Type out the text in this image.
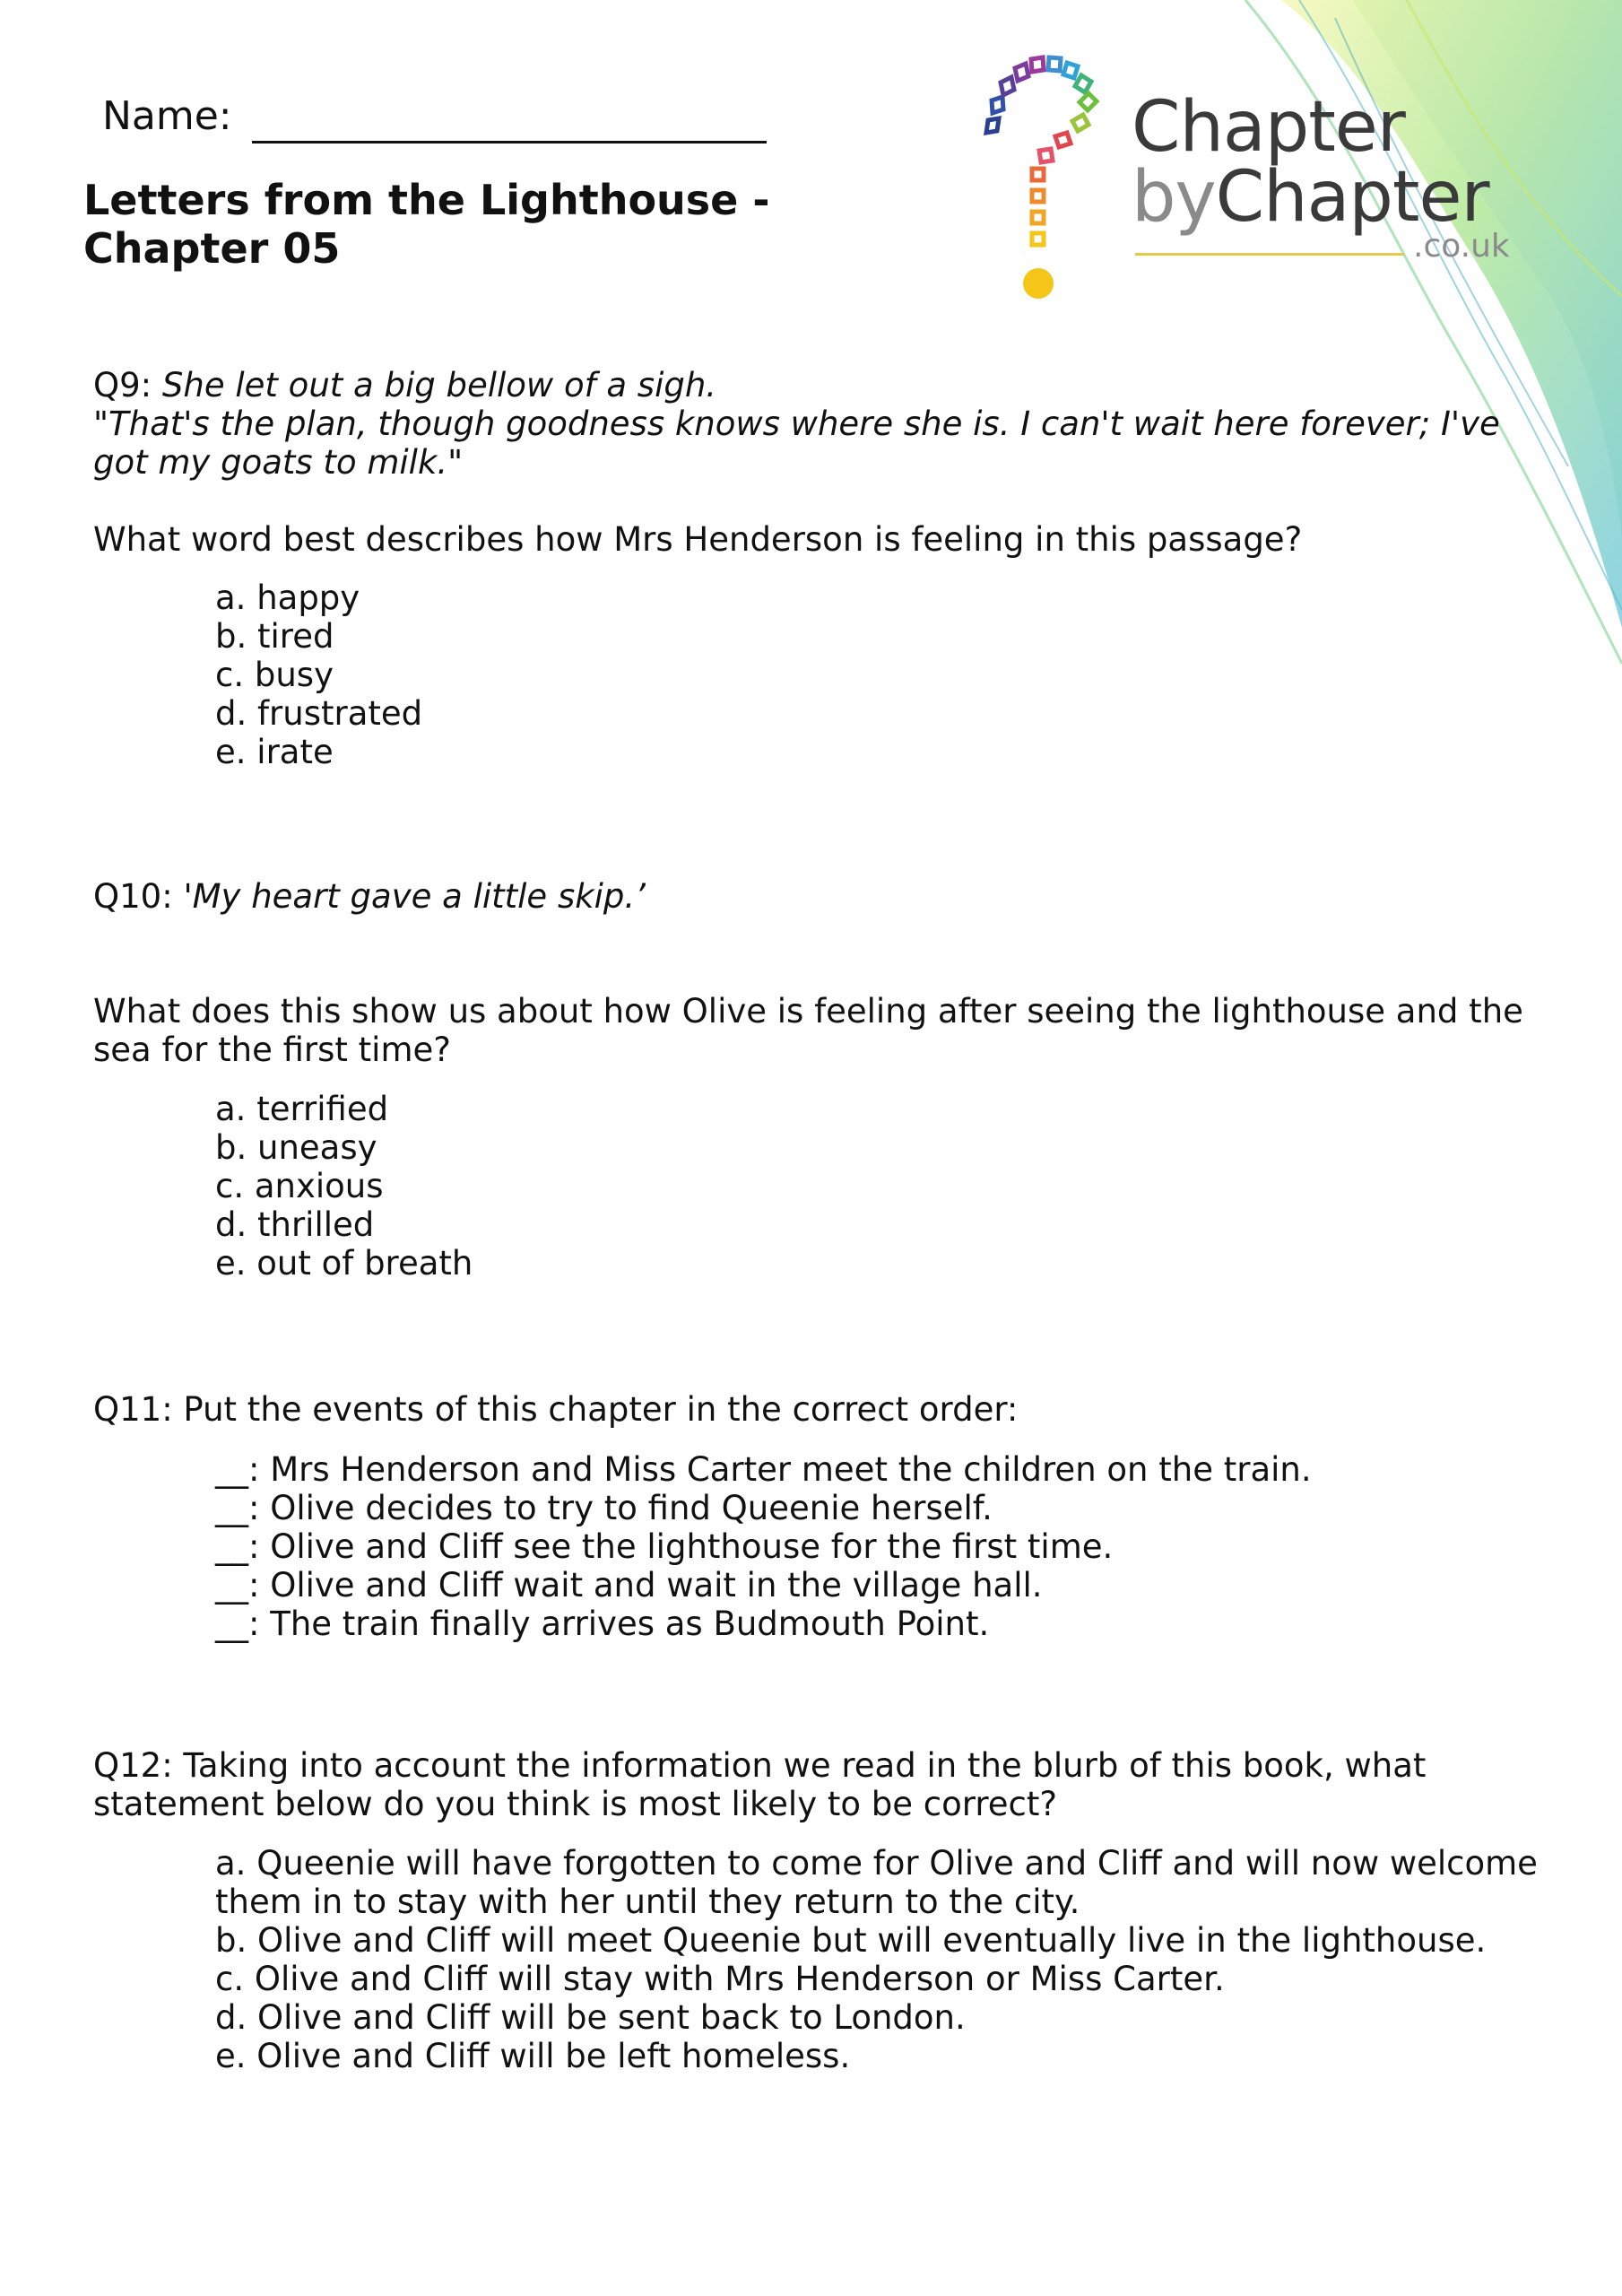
Name:
Letters from the Lighthouse -
Chapter 05
Chapter
byChapter
.co.uk
Q9: She let out a big bellow of a sigh.
"That's the plan, though goodness knows where she is. I can't wait here forever; I've
got my goats to milk."
What word best describes how Mrs Henderson is feeling in this passage?
a. happy
b. tired
c. busy
d. frustrated
e. irate
Q10: 'My heart gave a little skip.’
What does this show us about how Olive is feeling after seeing the lighthouse and the
sea for the first time?
a. terrified
b. uneasy
c. anxious
d. thrilled
e. out of breath
Q11: Put the events of this chapter in the correct order:
__: Mrs Henderson and Miss Carter meet the children on the train.
__: Olive decides to try to find Queenie herself.
__: Olive and Cliff see the lighthouse for the first time.
__: Olive and Cliff wait and wait in the village hall.
__: The train finally arrives as Budmouth Point.
Q12: Taking into account the information we read in the blurb of this book, what
statement below do you think is most likely to be correct?
a. Queenie will have forgotten to come for Olive and Cliff and will now welcome
them in to stay with her until they return to the city.
b. Olive and Cliff will meet Queenie but will eventually live in the lighthouse.
c. Olive and Cliff will stay with Mrs Henderson or Miss Carter.
d. Olive and Cliff will be sent back to London.
e. Olive and Cliff will be left homeless.
